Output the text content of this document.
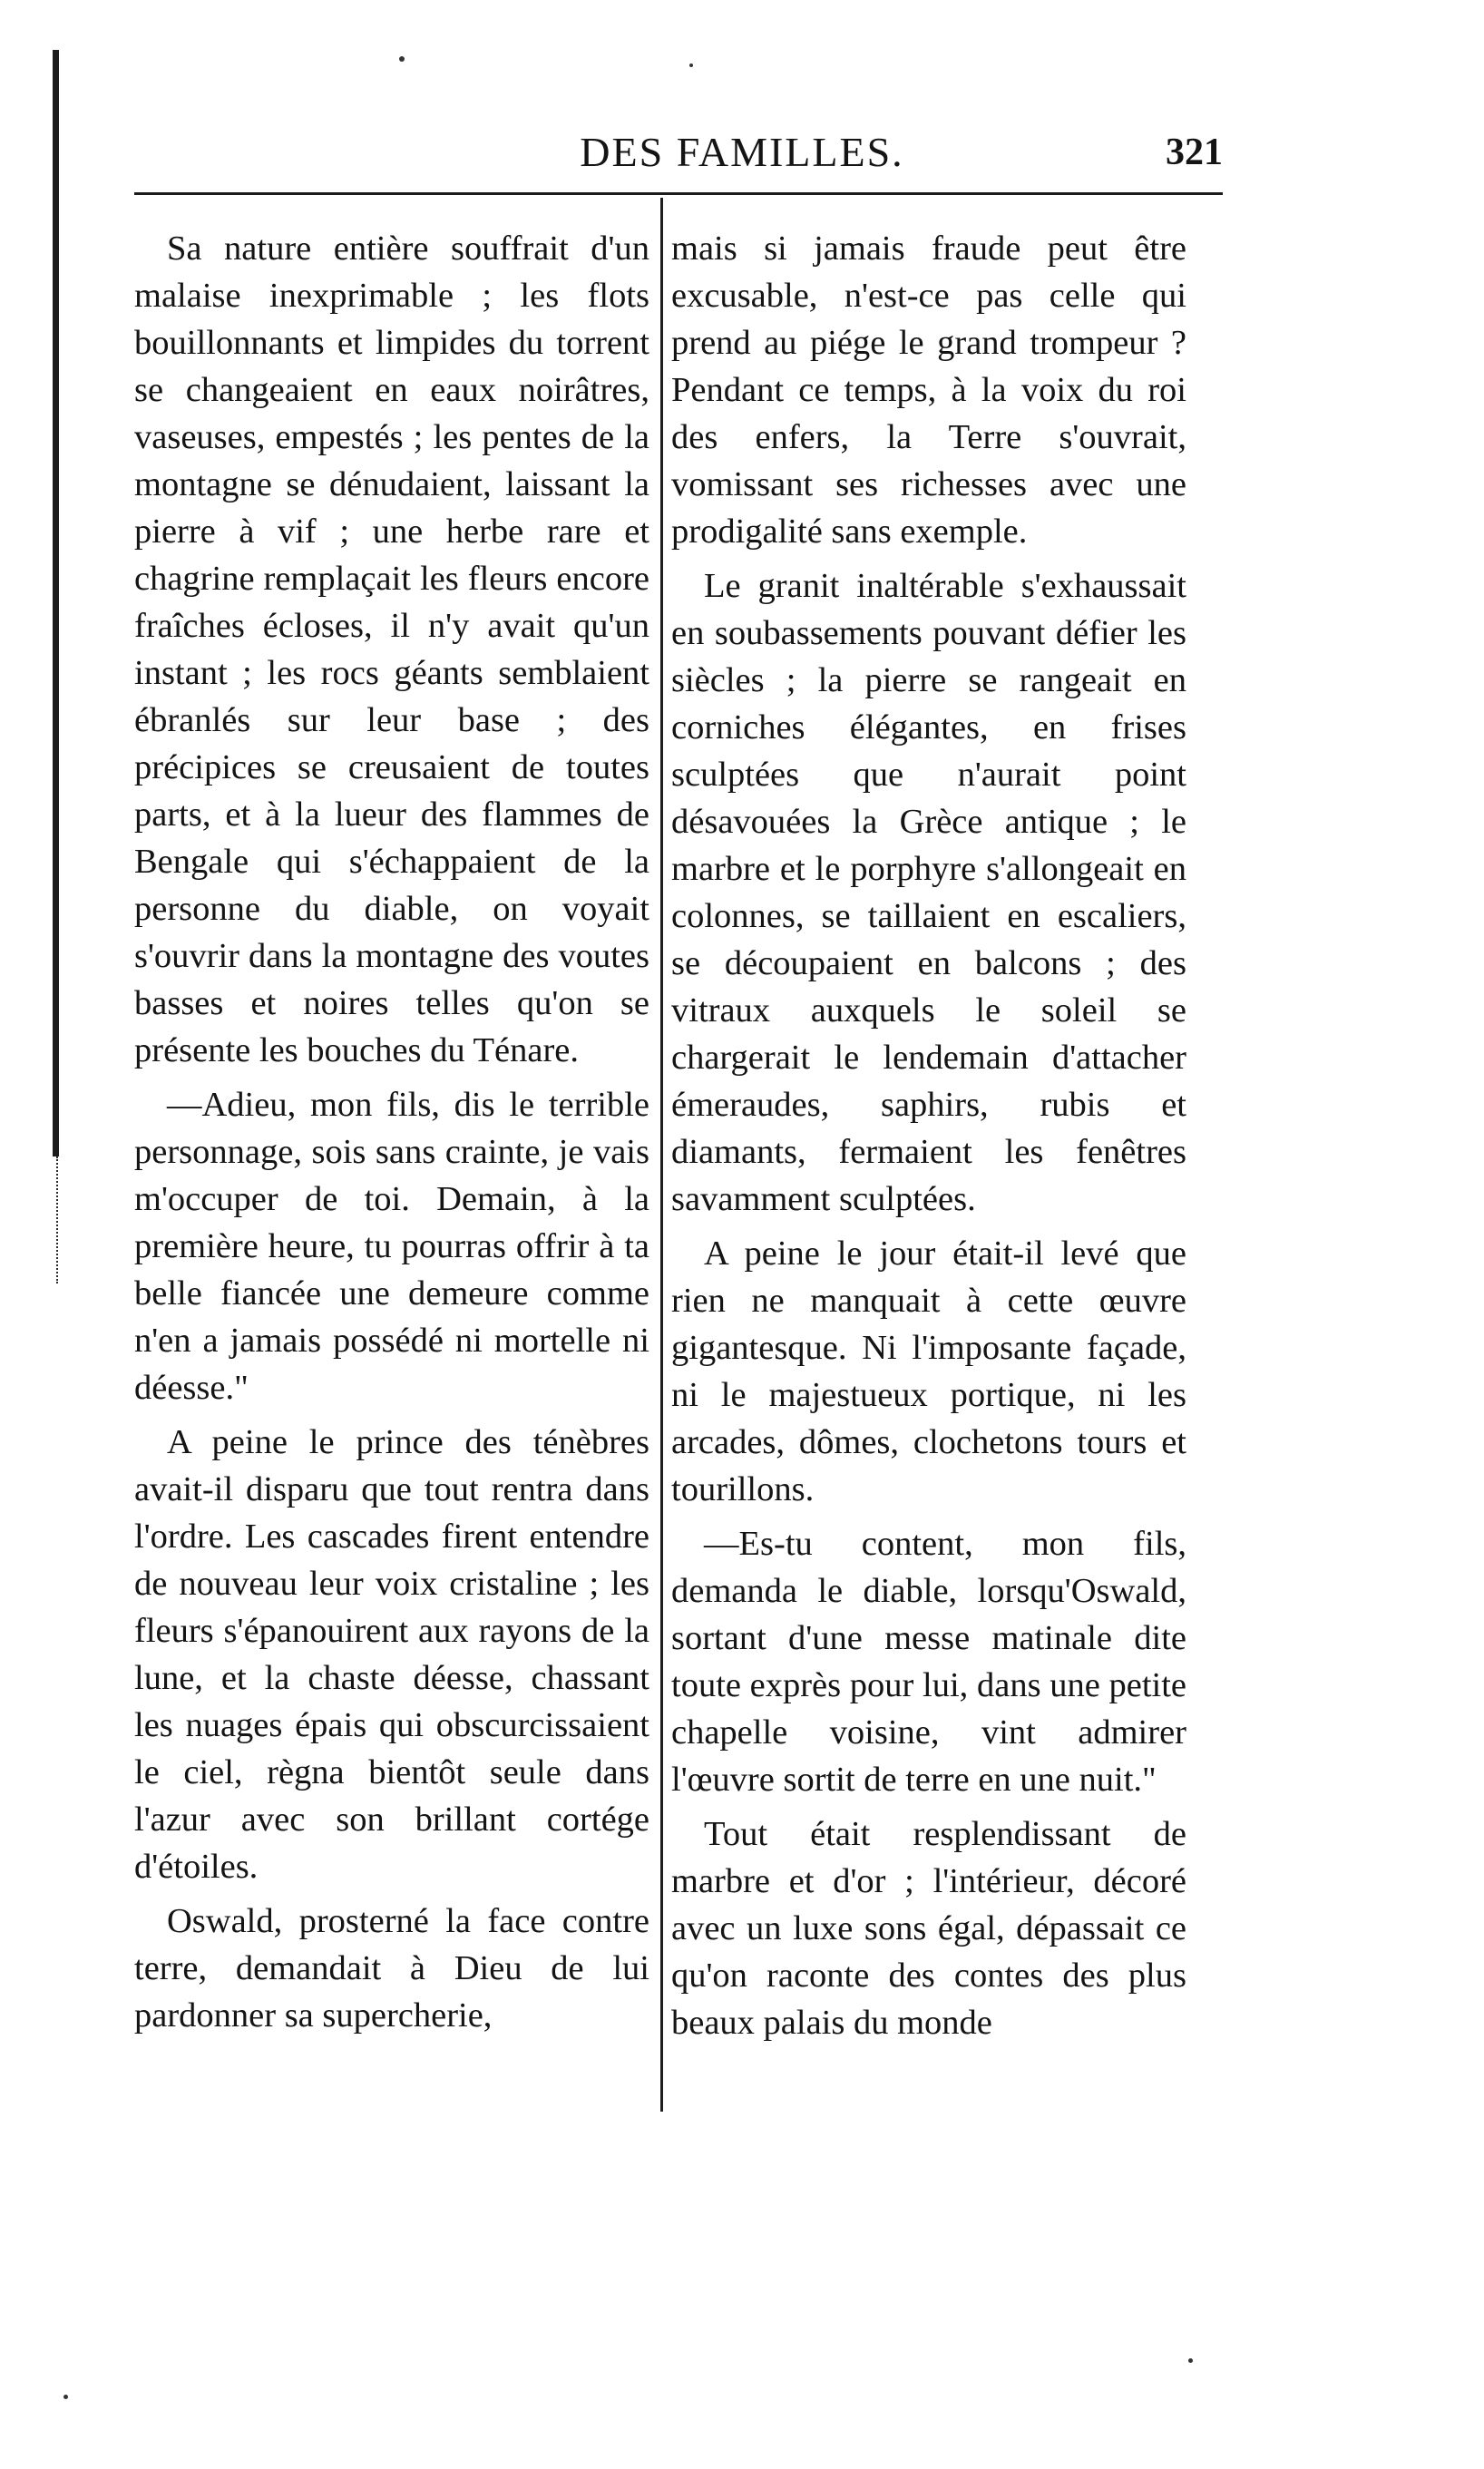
DES FAMILLES.	321

Sa nature entière souffrait d'un malaise inexprimable ; les flots bouillonnants et limpides du torrent se changeaient en eaux noirâtres, vaseuses, empestés ; les pentes de la montagne se dénudaient, laissant la pierre à vif ; une herbe rare et chagrine remplaçait les fleurs encore fraîches écloses, il n'y avait qu'un instant ; les rocs géants semblaient ébranlés sur leur base ; des précipices se creusaient de toutes parts, et à la lueur des flammes de Bengale qui s'échappaient de la personne du diable, on voyait s'ouvrir dans la montagne des voutes basses et noires telles qu'on se présente les bouches du Ténare.

—Adieu, mon fils, dis le terrible personnage, sois sans crainte, je vais m'occuper de toi. Demain, à la première heure, tu pourras offrir à ta belle fiancée une demeure comme n'en a jamais possédé ni mortelle ni déesse."

A peine le prince des ténèbres avait-il disparu que tout rentra dans l'ordre. Les cascades firent entendre de nouveau leur voix cristaline ; les fleurs s'épanouirent aux rayons de la lune, et la chaste déesse, chassant les nuages épais qui obscurcissaient le ciel, règna bientôt seule dans l'azur avec son brillant cortége d'étoiles.

Oswald, prosterné la face contre terre, demandait à Dieu de lui pardonner sa supercherie,

mais si jamais fraude peut être excusable, n'est-ce pas celle qui prend au piége le grand trompeur ? Pendant ce temps, à la voix du roi des enfers, la Terre s'ouvrait, vomissant ses richesses avec une prodigalité sans exemple.

Le granit inaltérable s'exhaussait en soubassements pouvant défier les siècles ; la pierre se rangeait en corniches élégantes, en frises sculptées que n'aurait point désavouées la Grèce antique ; le marbre et le porphyre s'allongeait en colonnes, se taillaient en escaliers, se découpaient en balcons ; des vitraux auxquels le soleil se chargerait le lendemain d'attacher émeraudes, saphirs, rubis et diamants, fermaient les fenêtres savamment sculptées.

A peine le jour était-il levé que rien ne manquait à cette œuvre gigantesque. Ni l'imposante façade, ni le majestueux portique, ni les arcades, dômes, clochetons tours et tourillons.

—Es-tu content, mon fils, demanda le diable, lorsqu'Oswald, sortant d'une messe matinale dite toute exprès pour lui, dans une petite chapelle voisine, vint admirer l'œuvre sortit de terre en une nuit."

Tout était resplendissant de marbre et d'or ; l'intérieur, décoré avec un luxe sons égal, dépassait ce qu'on raconte des contes des plus beaux palais du monde
